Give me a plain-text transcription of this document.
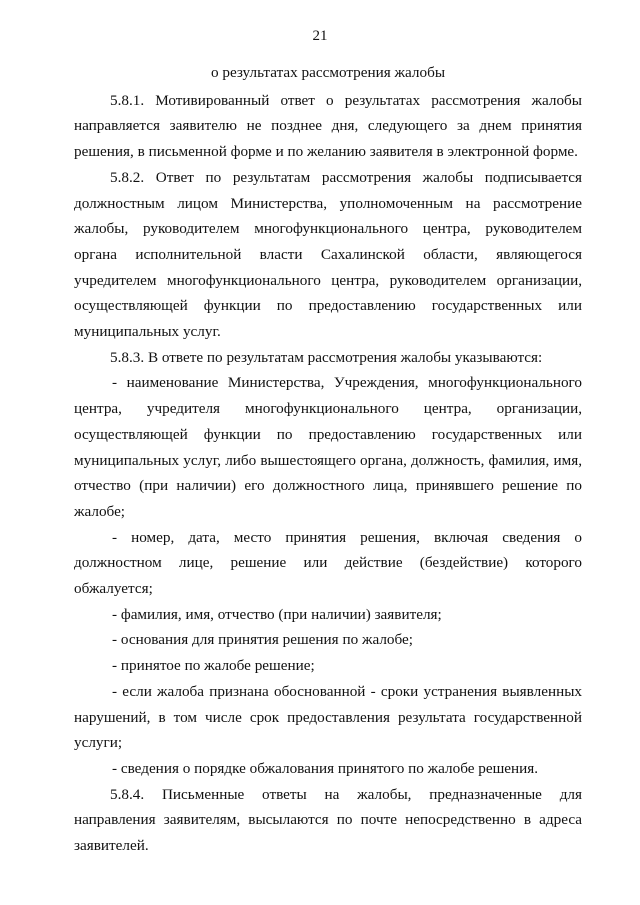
21

о результатах рассмотрения жалобы

5.8.1. Мотивированный ответ о результатах рассмотрения жалобы направляется заявителю не позднее дня, следующего за днем принятия решения, в письменной форме и по желанию заявителя в электронной форме.

5.8.2. Ответ по результатам рассмотрения жалобы подписывается должностным лицом Министерства, уполномоченным на рассмотрение жалобы, руководителем многофункционального центра, руководителем органа исполнительной власти Сахалинской области, являющегося учредителем многофункционального центра, руководителем организации, осуществляющей функции по предоставлению государственных или муниципальных услуг.

5.8.3. В ответе по результатам рассмотрения жалобы указываются:

- наименование Министерства, Учреждения, многофункционального центра, учредителя многофункционального центра, организации, осуществляющей функции по предоставлению государственных или муниципальных услуг, либо вышестоящего органа, должность, фамилия, имя, отчество (при наличии) его должностного лица, принявшего решение по жалобе;

- номер, дата, место принятия решения, включая сведения о должностном лице, решение или действие (бездействие) которого обжалуется;

- фамилия, имя, отчество (при наличии) заявителя;

- основания для принятия решения по жалобе;

- принятое по жалобе решение;

- если жалоба признана обоснованной - сроки устранения выявленных нарушений, в том числе срок предоставления результата государственной услуги;

- сведения о порядке обжалования принятого по жалобе решения.

5.8.4. Письменные ответы на жалобы, предназначенные для направления заявителям, высылаются по почте непосредственно в адреса заявителей.
